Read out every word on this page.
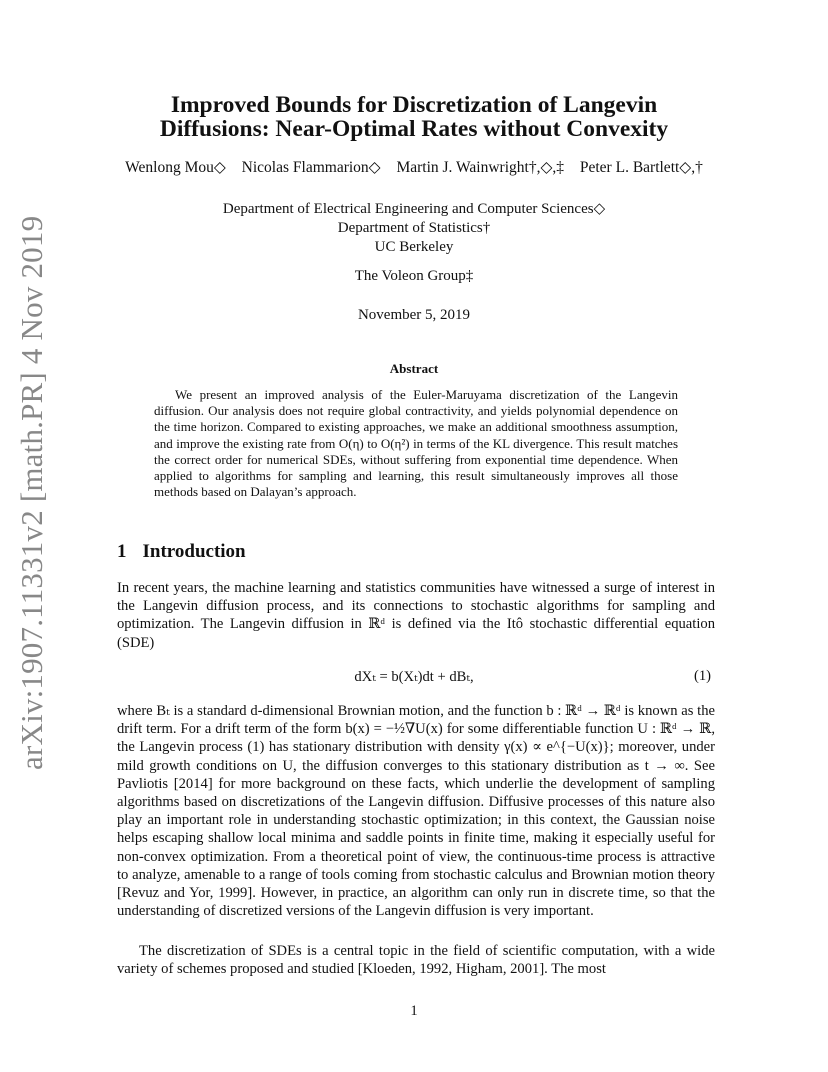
arXiv:1907.11331v2 [math.PR] 4 Nov 2019
Improved Bounds for Discretization of Langevin
Diffusions: Near-Optimal Rates without Convexity
Wenlong Mou◇ Nicolas Flammarion◇ Martin J. Wainwright†,◇,‡ Peter L. Bartlett◇,†
Department of Electrical Engineering and Computer Sciences◇
Department of Statistics†
UC Berkeley
The Voleon Group‡
November 5, 2019
Abstract
We present an improved analysis of the Euler-Maruyama discretization of the Langevin diffusion. Our analysis does not require global contractivity, and yields polynomial dependence on the time horizon. Compared to existing approaches, we make an additional smoothness assumption, and improve the existing rate from O(η) to O(η²) in terms of the KL divergence. This result matches the correct order for numerical SDEs, without suffering from exponential time dependence. When applied to algorithms for sampling and learning, this result simultaneously improves all those methods based on Dalayan’s approach.
1 Introduction
In recent years, the machine learning and statistics communities have witnessed a surge of interest in the Langevin diffusion process, and its connections to stochastic algorithms for sampling and optimization. The Langevin diffusion in ℝᵈ is defined via the Itô stochastic differential equation (SDE)
dXₜ = b(Xₜ)dt + dBₜ,	(1)
where Bₜ is a standard d-dimensional Brownian motion, and the function b : ℝᵈ → ℝᵈ is known as the drift term. For a drift term of the form b(x) = −½∇U(x) for some differentiable function U : ℝᵈ → ℝ, the Langevin process (1) has stationary distribution with density γ(x) ∝ e^{−U(x)}; moreover, under mild growth conditions on U, the diffusion converges to this stationary distribution as t → ∞. See Pavliotis [2014] for more background on these facts, which underlie the development of sampling algorithms based on discretizations of the Langevin diffusion. Diffusive processes of this nature also play an important role in understanding stochastic optimization; in this context, the Gaussian noise helps escaping shallow local minima and saddle points in finite time, making it especially useful for non-convex optimization. From a theoretical point of view, the continuous-time process is attractive to analyze, amenable to a range of tools coming from stochastic calculus and Brownian motion theory [Revuz and Yor, 1999]. However, in practice, an algorithm can only run in discrete time, so that the understanding of discretized versions of the Langevin diffusion is very important.
The discretization of SDEs is a central topic in the field of scientific computation, with a wide variety of schemes proposed and studied [Kloeden, 1992, Higham, 2001]. The most
1
